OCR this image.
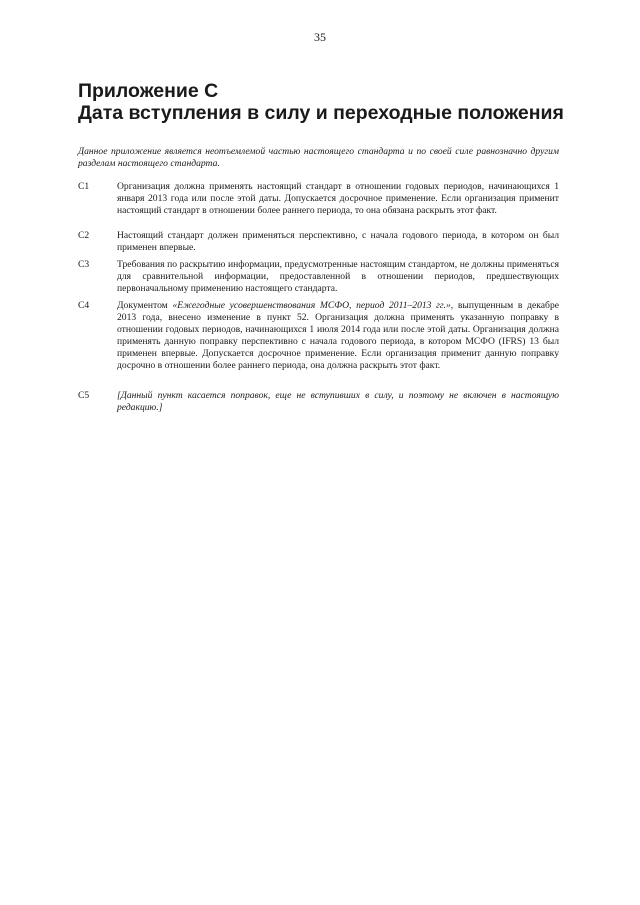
35
Приложение С
Дата вступления в силу и переходные положения

Данное приложение является неотъемлемой частью настоящего стандарта и по своей силе равнозначно другим разделам настоящего стандарта.

С1	Организация должна применять настоящий стандарт в отношении годовых периодов, начинающихся 1 января 2013 года или после этой даты. Допускается досрочное применение. Если организация применит настоящий стандарт в отношении более раннего периода, то она обязана раскрыть этот факт.
С2	Настоящий стандарт должен применяться перспективно, с начала годового периода, в котором он был применен впервые.
С3	Требования по раскрытию информации, предусмотренные настоящим стандартом, не должны применяться для сравнительной информации, предоставленной в отношении периодов, предшествующих первоначальному применению настоящего стандарта.
С4	Документом «Ежегодные усовершенствования МСФО, период 2011–2013 гг.», выпущенным в декабре 2013 года, внесено изменение в пункт 52. Организация должна применять указанную поправку в отношении годовых периодов, начинающихся 1 июля 2014 года или после этой даты. Организация должна применять данную поправку перспективно с начала годового периода, в котором МСФО (IFRS) 13 был применен впервые. Допускается досрочное применение. Если организация применит данную поправку досрочно в отношении более раннего периода, она должна раскрыть этот факт.
С5	[Данный пункт касается поправок, еще не вступивших в силу, и поэтому не включен в настоящую редакцию.]
